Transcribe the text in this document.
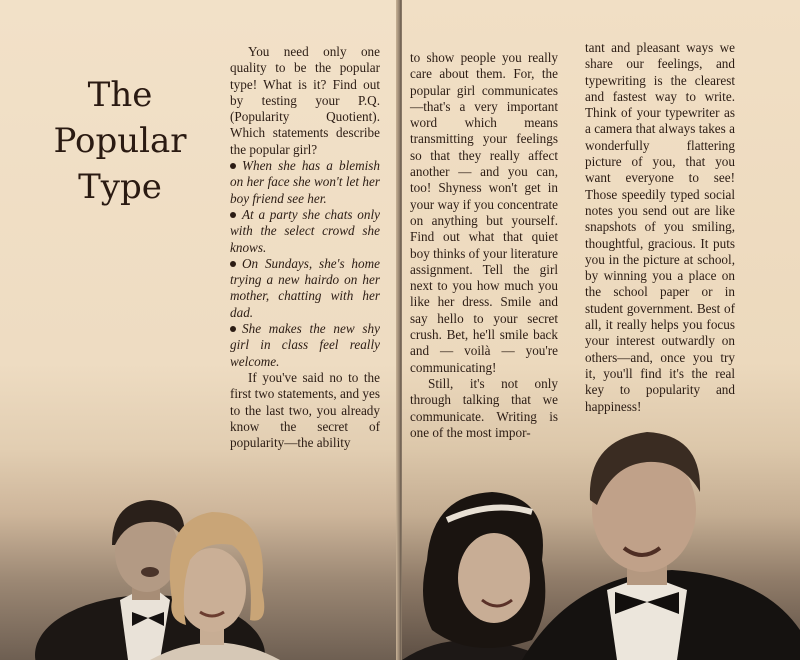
The
Popular
Type

You need only one quality to be the popular type! What is it? Find out by testing your P.Q. (Popularity Quotient). Which statements describe the popular girl?

When she has a blemish on her face she won't let her boy friend see her.

At a party she chats only with the select crowd she knows.

On Sundays, she's home trying a new hairdo on her mother, chatting with her dad.

She makes the new shy girl in class feel really welcome.

If you've said no to the first two statements, and yes to the last two, you already know the secret of popularity—the ability

to show people you really care about them. For, the popular girl communicates—that's a very important word which means transmitting your feelings so that they really affect another — and you can, too! Shyness won't get in your way if you concentrate on anything but yourself. Find out what that quiet boy thinks of your literature assignment. Tell the girl next to you how much you like her dress. Smile and say hello to your secret crush. Bet, he'll smile back and — voilà — you're communicating!

Still, it's not only through talking that we communicate. Writing is one of the most impor-

tant and pleasant ways we share our feelings, and typewriting is the clearest and fastest way to write. Think of your typewriter as a camera that always takes a wonderfully flattering picture of you, that you want everyone to see! Those speedily typed social notes you send out are like snapshots of you smiling, thoughtful, gracious. It puts you in the picture at school, by winning you a place on the school paper or in student government. Best of all, it really helps you focus your interest outwardly on others—and, once you try it, you'll find it's the real key to popularity and happiness!
